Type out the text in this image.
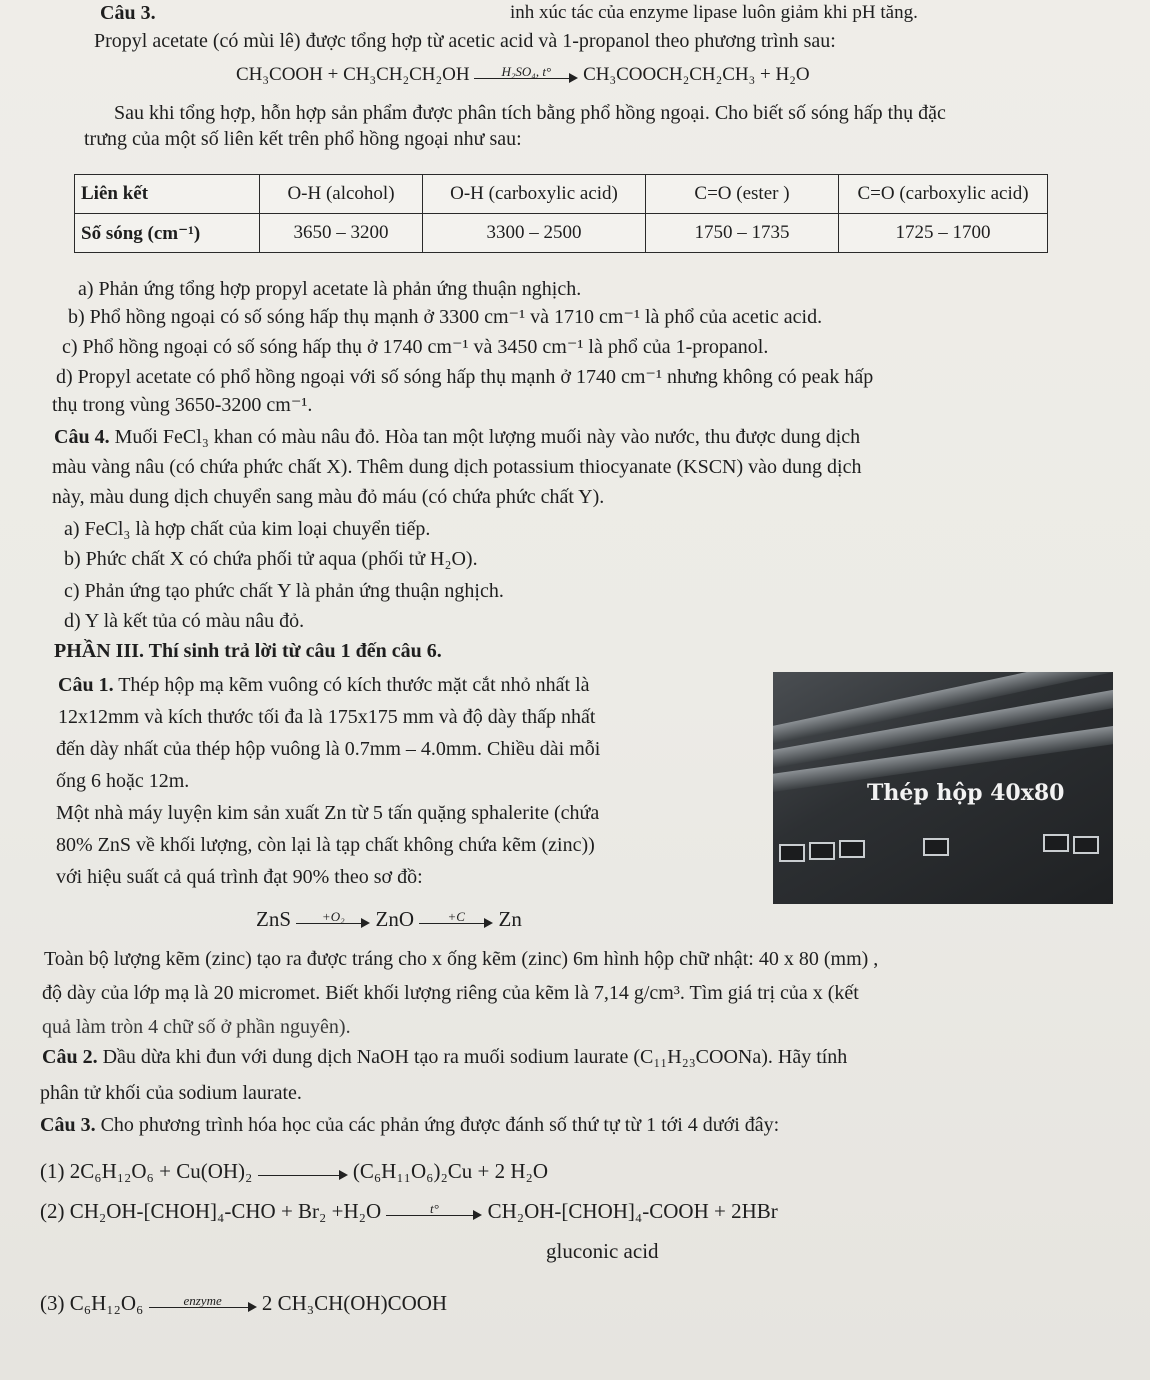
Câu 3.	inh xúc tác của enzyme lipase luôn giảm khi pH tăng.
Propyl acetate (có mùi lê) được tổng hợp từ acetic acid và 1-propanol theo phương trình sau:
CH₃COOH + CH₃CH₂CH₂OH	H₂SO₄, t°	CH₃COOCH₂CH₂CH₃ + H₂O
Sau khi tổng hợp, hỗn hợp sản phẩm được phân tích bằng phổ hồng ngoại. Cho biết số sóng hấp thụ đặc
trưng của một số liên kết trên phổ hồng ngoại như sau:
Liên kết	O-H (alcohol)	O-H (carboxylic acid)	C=O (ester )	C=O (carboxylic acid)
Số sóng (cm⁻¹)	3650 – 3200	3300 – 2500	1750 – 1735	1725 – 1700
a) Phản ứng tổng hợp propyl acetate là phản ứng thuận nghịch.
b) Phổ hồng ngoại có số sóng hấp thụ mạnh ở 3300 cm⁻¹ và 1710 cm⁻¹ là phổ của acetic acid.
c) Phổ hồng ngoại có số sóng hấp thụ ở 1740 cm⁻¹ và 3450 cm⁻¹ là phổ của 1-propanol.
d) Propyl acetate có phổ hồng ngoại với số sóng hấp thụ mạnh ở 1740 cm⁻¹ nhưng không có peak hấp
thụ trong vùng 3650-3200 cm⁻¹.
Câu 4. Muối FeCl₃ khan có màu nâu đỏ. Hòa tan một lượng muối này vào nước, thu được dung dịch
màu vàng nâu (có chứa phức chất X). Thêm dung dịch potassium thiocyanate (KSCN) vào dung dịch
này, màu dung dịch chuyển sang màu đỏ máu (có chứa phức chất Y).
a) FeCl₃ là hợp chất của kim loại chuyển tiếp.
b) Phức chất X có chứa phối tử aqua (phối tử H₂O).
c) Phản ứng tạo phức chất Y là phản ứng thuận nghịch.
d) Y là kết tủa có màu nâu đỏ.
PHẦN III. Thí sinh trả lời từ câu 1 đến câu 6.
Câu 1. Thép hộp mạ kẽm vuông có kích thước mặt cắt nhỏ nhất là
12x12mm và kích thước tối đa là 175x175 mm và độ dày thấp nhất
đến dày nhất của thép hộp vuông là 0.7mm – 4.0mm. Chiều dài mỗi
ống 6 hoặc 12m.
Một nhà máy luyện kim sản xuất Zn từ 5 tấn quặng sphalerite (chứa
80% ZnS về khối lượng, còn lại là tạp chất không chứa kẽm (zinc))
với hiệu suất cả quá trình đạt 90% theo sơ đồ:
Thép hộp 40x80
ZnS	+O₂	ZnO	+C	Zn
Toàn bộ lượng kẽm (zinc) tạo ra được tráng cho x ống kẽm (zinc) 6m hình hộp chữ nhật: 40 x 80 (mm) ,
độ dày của lớp mạ là 20 micromet. Biết khối lượng riêng của kẽm là 7,14 g/cm³. Tìm giá trị của x (kết
quả làm tròn 4 chữ số ở phần nguyên).
Câu 2. Dầu dừa khi đun với dung dịch NaOH tạo ra muối sodium laurate (C₁₁H₂₃COONa). Hãy tính
phân tử khối của sodium laurate.
Câu 3. Cho phương trình hóa học của các phản ứng được đánh số thứ tự từ 1 tới 4 dưới đây:
(1) 2C₆H₁₂O₆ + Cu(OH)₂	(C₆H₁₁O₆)₂Cu + 2 H₂O
(2) CH₂OH-[CHOH]₄-CHO + Br₂ +H₂O	t°	CH₂OH-[CHOH]₄-COOH + 2HBr
gluconic acid
(3) C₆H₁₂O₆	enzyme	2 CH₃CH(OH)COOH
